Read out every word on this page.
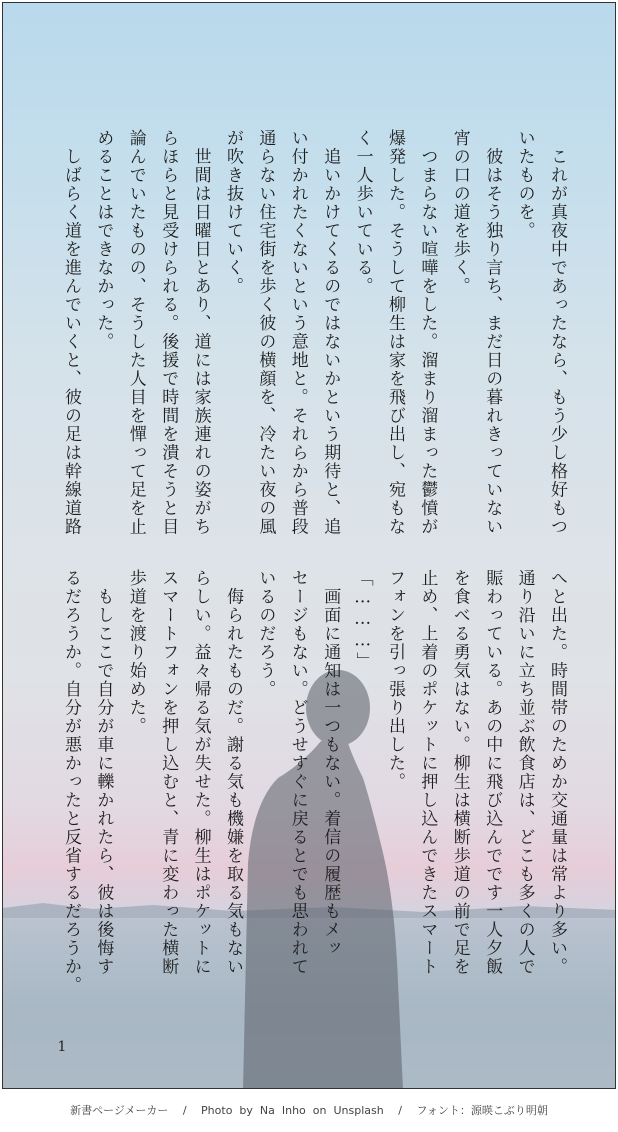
　これが真夜中であったなら、もう少し格好もつ
いたものを。
　彼はそう独り言ち、まだ日の暮れきっていない
宵の口の道を歩く。
　つまらない喧嘩をした。溜まり溜まった鬱憤が
爆発した。そうして柳生は家を飛び出し、宛もな
く一人歩いている。
　追いかけてくるのではないかという期待と、追
い付かれたくないという意地と。それらから普段
通らない住宅街を歩く彼の横顔を、冷たい夜の風
が吹き抜けていく。
　世間は日曜日とあり、道には家族連れの姿がち
らほらと見受けられる。後援で時間を潰そうと目
論んでいたものの、そうした人目を憚って足を止
めることはできなかった。
　しばらく道を進んでいくと、彼の足は幹線道路
へと出た。時間帯のためか交通量は常より多い。
通り沿いに立ち並ぶ飲食店は、どこも多くの人で
賑わっている。あの中に飛び込んでです一人夕飯
を食べる勇気はない。柳生は横断歩道の前で足を
止め、上着のポケットに押し込んできたスマート
フォンを引っ張り出した。
「………」
　画面に通知は一つもない。着信の履歴もメッ
セージもない。どうせすぐに戻るとでも思われて
いるのだろう。
　侮られたものだ。謝る気も機嫌を取る気もない
らしい。益々帰る気が失せた。柳生はポケットに
スマートフォンを押し込むと、青に変わった横断
歩道を渡り始めた。
　もしここで自分が車に轢かれたら、彼は後悔す
るだろうか。自分が悪かったと反省するだろうか。
1
新書ページメーカー / Photo  by  Na  Inho  on  Unsplash / フォント：源暎こぶり明朝
